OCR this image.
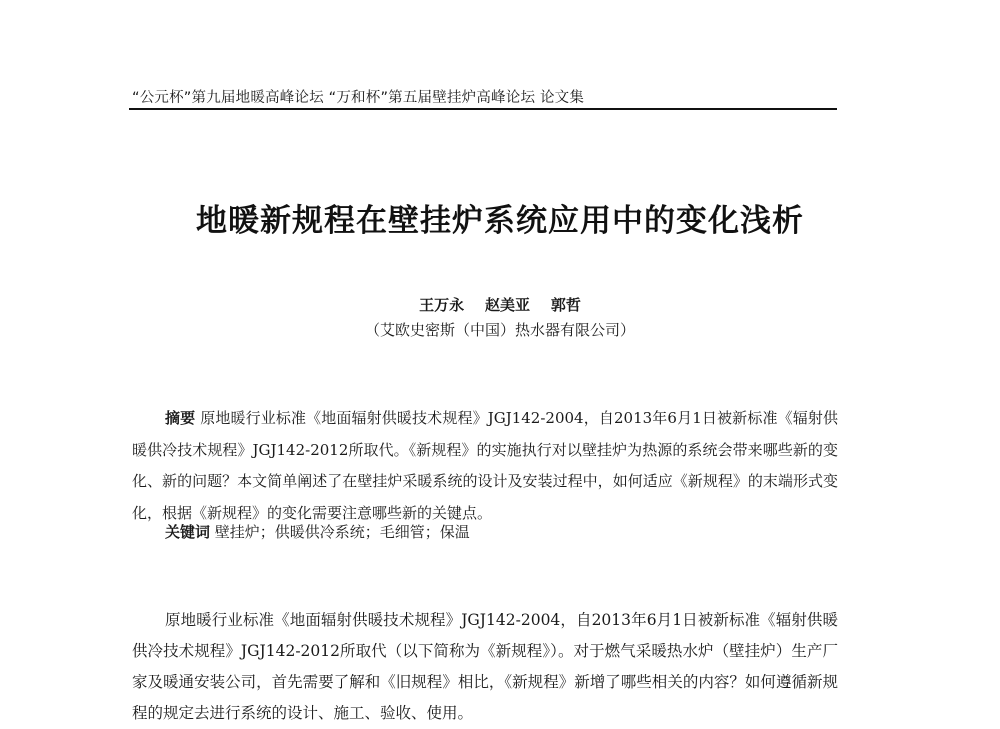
“公元杯”第九届地暖高峰论坛 “万和杯”第五届壁挂炉高峰论坛 论文集
地暖新规程在壁挂炉系统应用中的变化浅析
王万永    赵美亚    郭哲
（艾欧史密斯（中国）热水器有限公司）

摘要 原地暖行业标准《地面辐射供暖技术规程》JGJ142-2004，自2013年6月1日被新标准《辐射供暖供冷技术规程》JGJ142-2012所取代。《新规程》的实施执行对以壁挂炉为热源的系统会带来哪些新的变化、新的问题？本文简单阐述了在壁挂炉采暖系统的设计及安装过程中，如何适应《新规程》的末端形式变化，根据《新规程》的变化需要注意哪些新的关键点。

关键词 壁挂炉；供暖供冷系统；毛细管；保温

原地暖行业标准《地面辐射供暖技术规程》JGJ142-2004，自2013年6月1日被新标准《辐射供暖供冷技术规程》JGJ142-2012所取代（以下简称为《新规程》）。对于燃气采暖热水炉（壁挂炉）生产厂家及暖通安装公司，首先需要了解和《旧规程》相比，《新规程》新增了哪些相关的内容？如何遵循新规程的规定去进行系统的设计、施工、验收、使用。
